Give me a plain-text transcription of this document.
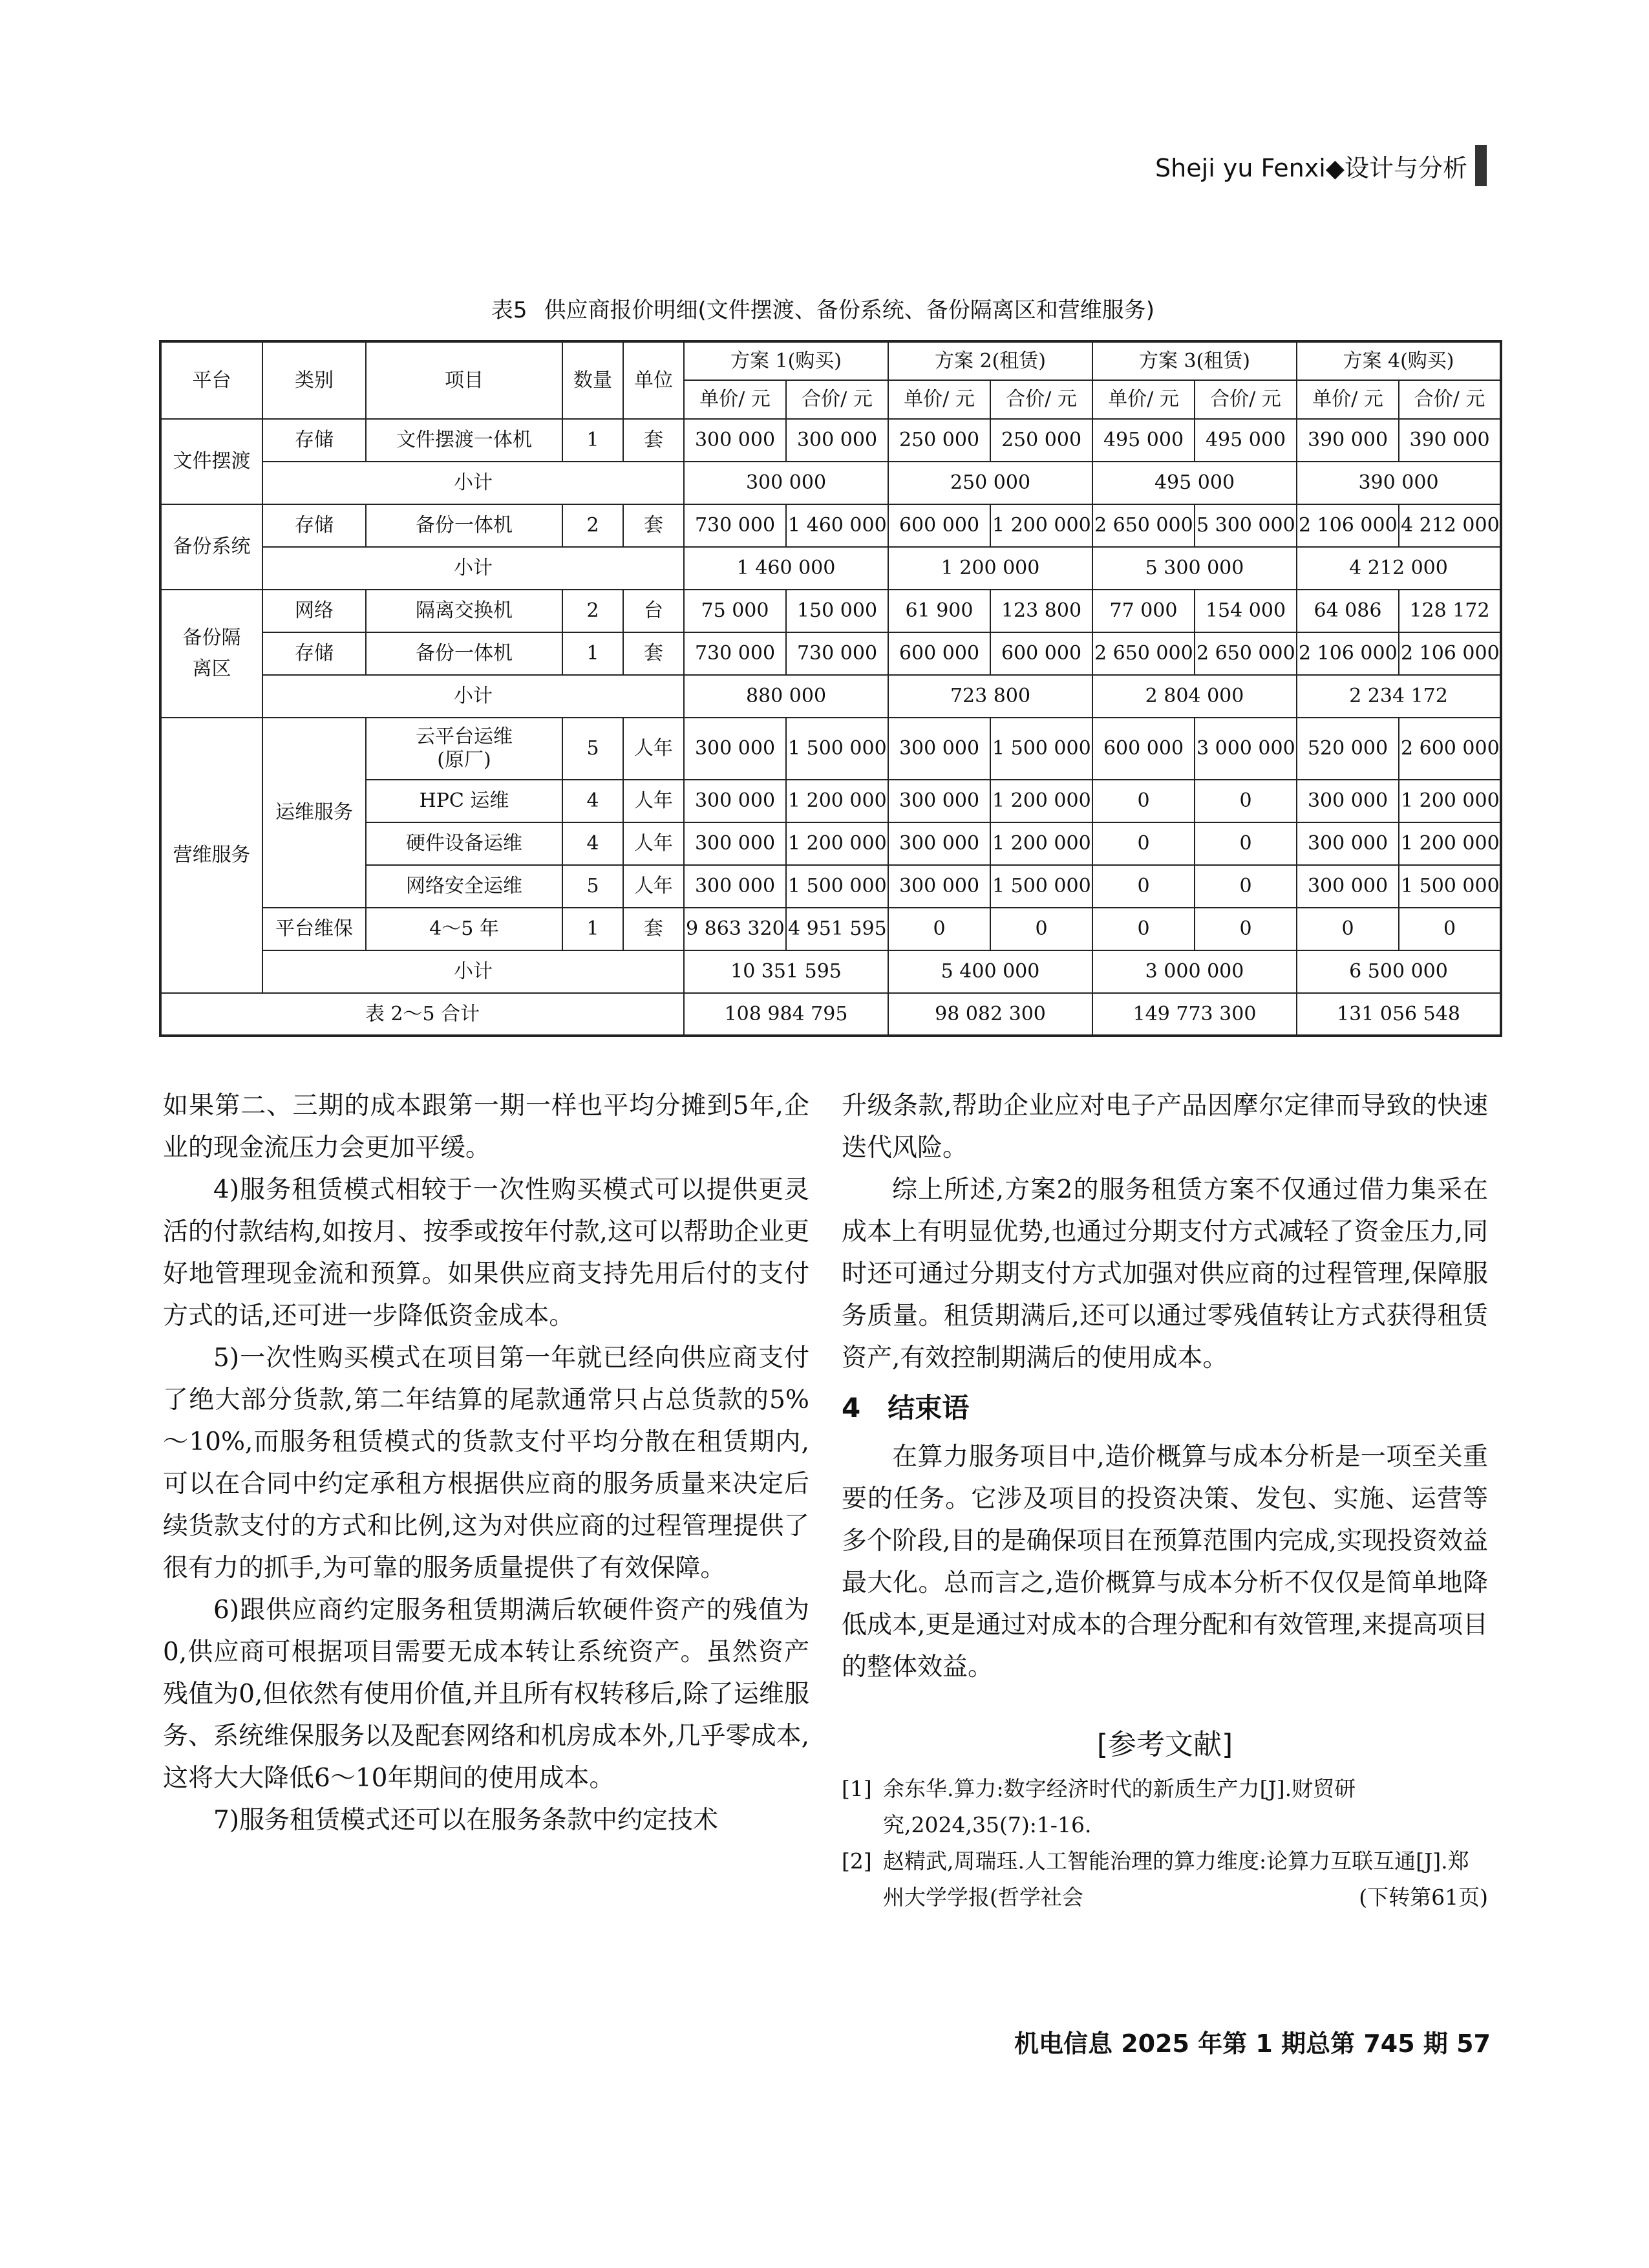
Sheji yu Fenxi◆设计与分析
表5 供应商报价明细(文件摆渡、备份系统、备份隔离区和营维服务)
平台	类别	项目	数量	单位	方案 1(购买)		方案 2(租赁)		方案 3(租赁)		方案 4(购买)	
					单价/ 元	合价/ 元	单价/ 元	合价/ 元	单价/ 元	合价/ 元	单价/ 元	合价/ 元
文件摆渡	存储	文件摆渡一体机	1	套	300 000	300 000	250 000	250 000	495 000	495 000	390 000	390 000
	小计				300 000		250 000		495 000		390 000	
备份系统	存储	备份一体机	2	套	730 000	1 460 000	600 000	1 200 000	2 650 000	5 300 000	2 106 000	4 212 000
	小计				1 460 000		1 200 000		5 300 000		4 212 000	
备份隔离区	网络	隔离交换机	2	台	75 000	150 000	61 900	123 800	77 000	154 000	64 086	128 172
	存储	备份一体机	1	套	730 000	730 000	600 000	600 000	2 650 000	2 650 000	2 106 000	2 106 000
	小计				880 000		723 800		2 804 000		2 234 172	
营维服务	运维服务	云平台运维
(原厂)	5	人年	300 000	1 500 000	300 000	1 500 000	600 000	3 000 000	520 000	2 600 000
		HPC 运维	4	人年	300 000	1 200 000	300 000	1 200 000	0	0	300 000	1 200 000
		硬件设备运维	4	人年	300 000	1 200 000	300 000	1 200 000	0	0	300 000	1 200 000
		网络安全运维	5	人年	300 000	1 500 000	300 000	1 500 000	0	0	300 000	1 500 000
	平台维保	4～5 年	1	套	9 863 320	4 951 595	0	0	0	0	0	0
	小计				10 351 595		5 400 000		3 000 000		6 500 000	
表 2～5 合计					108 984 795		98 082 300		149 773 300		131 056 548	

如果第二、三期的成本跟第一期一样也平均分摊到5年,企业的现金流压力会更加平缓。

4)服务租赁模式相较于一次性购买模式可以提供更灵活的付款结构,如按月、按季或按年付款,这可以帮助企业更好地管理现金流和预算。如果供应商支持先用后付的支付方式的话,还可进一步降低资金成本。

5)一次性购买模式在项目第一年就已经向供应商支付了绝大部分货款,第二年结算的尾款通常只占总货款的5%～10%,而服务租赁模式的货款支付平均分散在租赁期内,可以在合同中约定承租方根据供应商的服务质量来决定后续货款支付的方式和比例,这为对供应商的过程管理提供了很有力的抓手,为可靠的服务质量提供了有效保障。

6)跟供应商约定服务租赁期满后软硬件资产的残值为0,供应商可根据项目需要无成本转让系统资产。虽然资产残值为0,但依然有使用价值,并且所有权转移后,除了运维服务、系统维保服务以及配套网络和机房成本外,几乎零成本,这将大大降低6～10年期间的使用成本。

7)服务租赁模式还可以在服务条款中约定技术

升级条款,帮助企业应对电子产品因摩尔定律而导致的快速迭代风险。

综上所述,方案2的服务租赁方案不仅通过借力集采在成本上有明显优势,也通过分期支付方式减轻了资金压力,同时还可通过分期支付方式加强对供应商的过程管理,保障服务质量。租赁期满后,还可以通过零残值转让方式获得租赁资产,有效控制期满后的使用成本。

4 结束语

在算力服务项目中,造价概算与成本分析是一项至关重要的任务。它涉及项目的投资决策、发包、实施、运营等多个阶段,目的是确保项目在预算范围内完成,实现投资效益最大化。总而言之,造价概算与成本分析不仅仅是简单地降低成本,更是通过对成本的合理分配和有效管理,来提高项目的整体效益。

[参考文献]
[1] 余东华.算力:数字经济时代的新质生产力[J].财贸研究,2024,35(7):1-16.
[2] 赵精武,周瑞珏.人工智能治理的算力维度:论算力互联互通[J].郑州大学学报(哲学社会	(下转第61页)
机电信息 2025 年第 1 期总第 745 期 57
